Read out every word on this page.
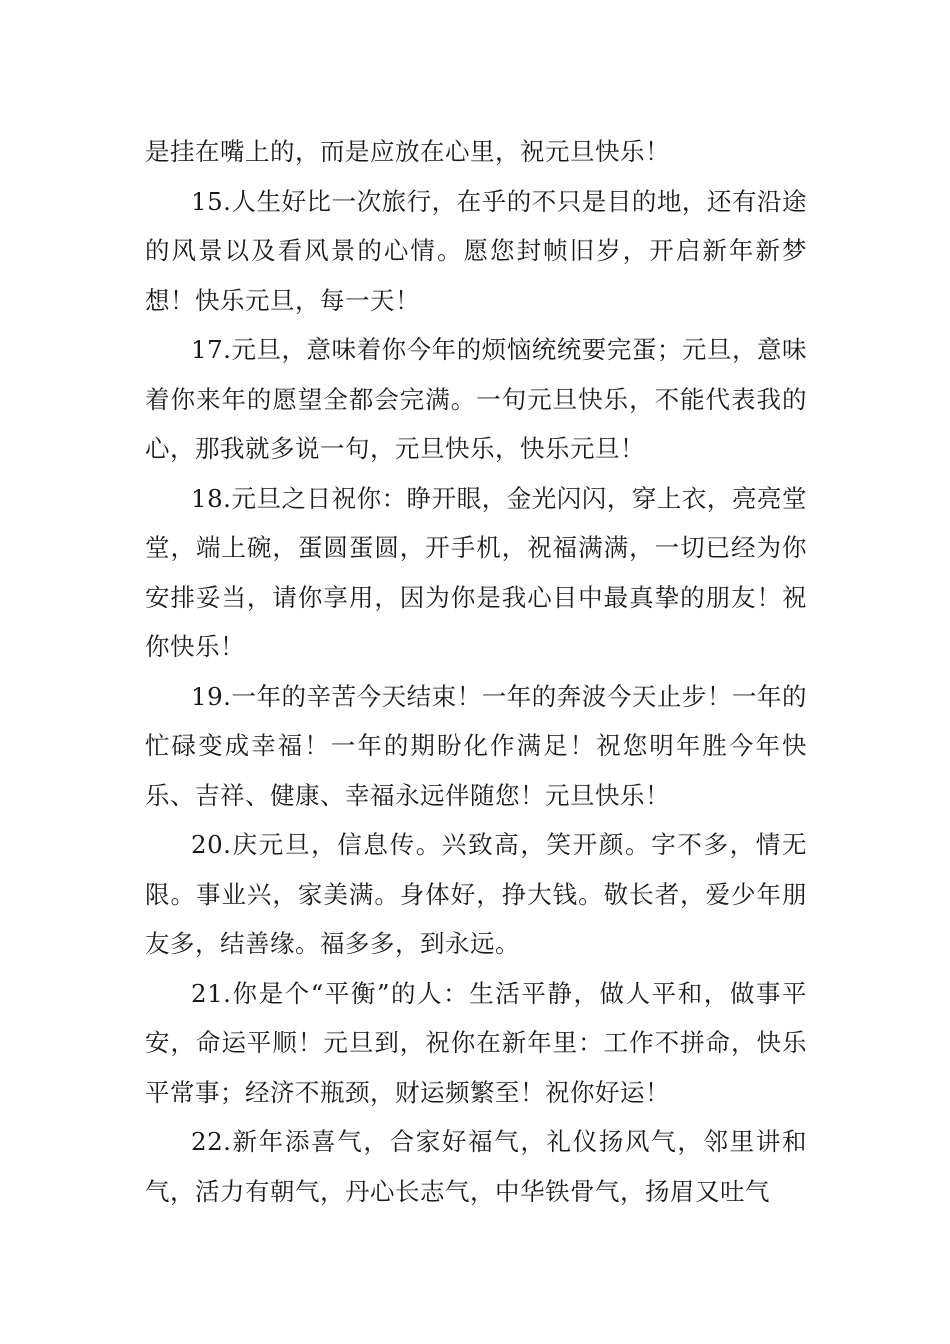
是挂在嘴上的，而是应放在心里，祝元旦快乐！

15.人生好比一次旅行，在乎的不只是目的地，还有沿途的风景以及看风景的心情。愿您封帧旧岁，开启新年新梦想！快乐元旦，每一天！

17.元旦，意味着你今年的烦恼统统要完蛋；元旦，意味着你来年的愿望全都会完满。一句元旦快乐，不能代表我的心，那我就多说一句，元旦快乐，快乐元旦！

18.元旦之日祝你：睁开眼，金光闪闪，穿上衣，亮亮堂堂，端上碗，蛋圆蛋圆，开手机，祝福满满，一切已经为你安排妥当，请你享用，因为你是我心目中最真挚的朋友！祝你快乐！

19.一年的辛苦今天结束！一年的奔波今天止步！一年的忙碌变成幸福！一年的期盼化作满足！祝您明年胜今年快乐、吉祥、健康、幸福永远伴随您！元旦快乐！

20.庆元旦，信息传。兴致高，笑开颜。字不多，情无限。事业兴，家美满。身体好，挣大钱。敬长者，爱少年朋友多，结善缘。福多多，到永远。

21.你是个“平衡”的人：生活平静，做人平和，做事平安，命运平顺！元旦到，祝你在新年里：工作不拼命，快乐平常事；经济不瓶颈，财运频繁至！祝你好运！

22.新年添喜气，合家好福气，礼仪扬风气，邻里讲和气，活力有朝气，丹心长志气，中华铁骨气，扬眉又吐气
